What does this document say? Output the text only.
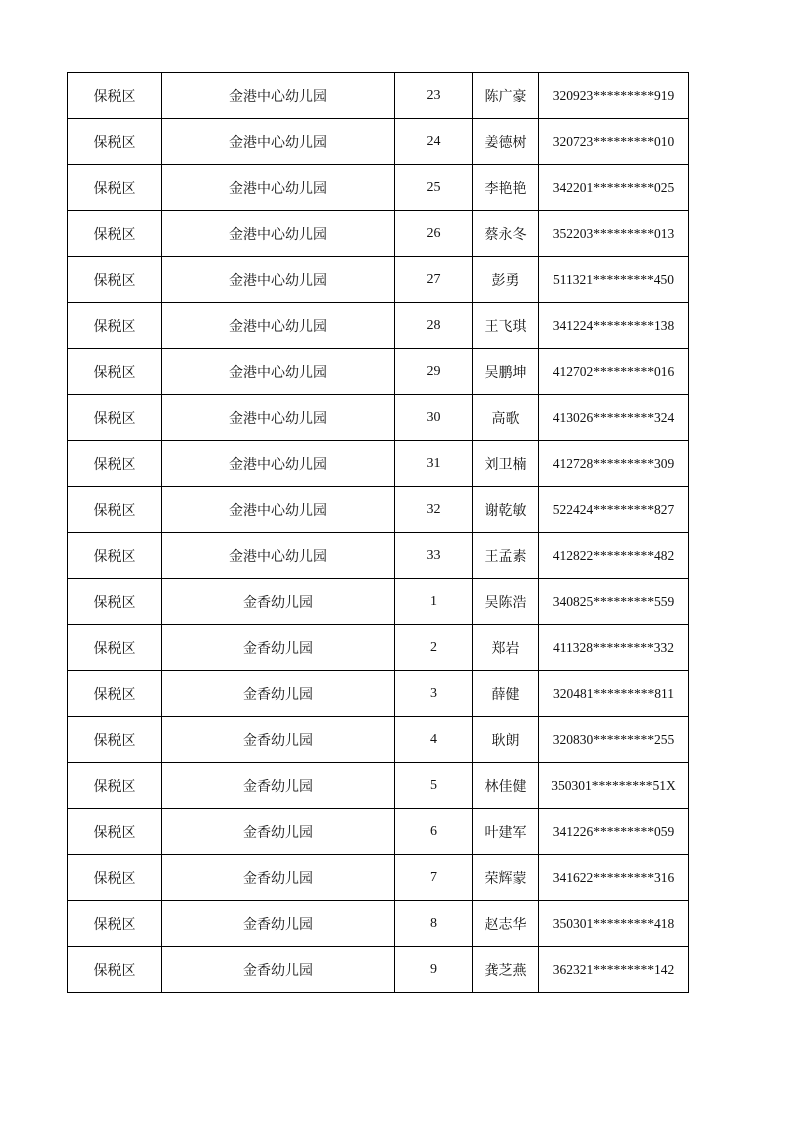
保税区	金港中心幼儿园	23	陈广豪	320923*********919
保税区	金港中心幼儿园	24	姜德树	320723*********010
保税区	金港中心幼儿园	25	李艳艳	342201*********025
保税区	金港中心幼儿园	26	蔡永冬	352203*********013
保税区	金港中心幼儿园	27	彭勇	511321*********450
保税区	金港中心幼儿园	28	王飞琪	341224*********138
保税区	金港中心幼儿园	29	吴鹏坤	412702*********016
保税区	金港中心幼儿园	30	高歌	413026*********324
保税区	金港中心幼儿园	31	刘卫楠	412728*********309
保税区	金港中心幼儿园	32	谢乾敏	522424*********827
保税区	金港中心幼儿园	33	王孟素	412822*********482
保税区	金香幼儿园	1	吴陈浩	340825*********559
保税区	金香幼儿园	2	郑岩	411328*********332
保税区	金香幼儿园	3	薛健	320481*********811
保税区	金香幼儿园	4	耿朗	320830*********255
保税区	金香幼儿园	5	林佳健	350301*********51X
保税区	金香幼儿园	6	叶建军	341226*********059
保税区	金香幼儿园	7	荣辉蒙	341622*********316
保税区	金香幼儿园	8	赵志华	350301*********418
保税区	金香幼儿园	9	龚芝燕	362321*********142
